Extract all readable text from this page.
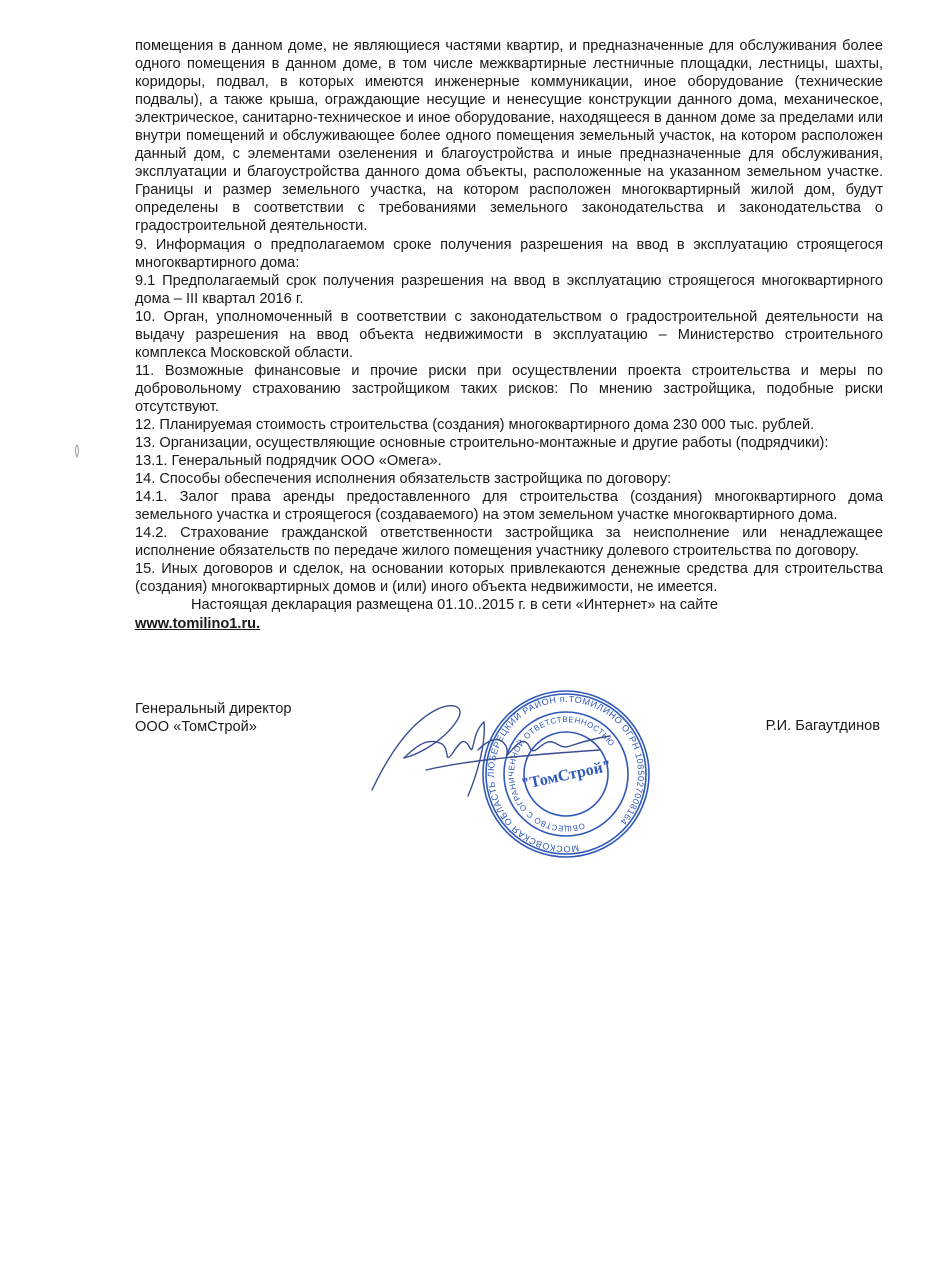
помещения в данном доме, не являющиеся частями квартир, и предназначенные для обслуживания более одного помещения в данном доме, в том числе межквартирные лестничные площадки, лестницы, шахты, коридоры, подвал, в которых имеются инженерные коммуникации, иное оборудование (технические подвалы), а также крыша, ограждающие несущие и ненесущие конструкции данного дома, механическое, электрическое, санитарно-техническое и иное оборудование, находящееся в данном доме за пределами или внутри помещений и обслуживающее более одного помещения земельный участок, на котором расположен данный дом, с элементами озеленения и благоустройства и иные предназначенные для обслуживания, эксплуатации и благоустройства данного дома объекты, расположенные на указанном земельном участке. Границы и размер земельного участка, на котором расположен многоквартирный жилой дом, будут определены в соответствии с требованиями земельного законодательства и законодательства о градостроительной деятельности.

9. Информация о предполагаемом сроке получения разрешения на ввод в эксплуатацию строящегося многоквартирного дома:

9.1 Предполагаемый срок получения разрешения на ввод в эксплуатацию строящегося многоквартирного дома – III квартал 2016 г.

10. Орган, уполномоченный в соответствии с законодательством о градостроительной деятельности на выдачу разрешения на ввод объекта недвижимости в эксплуатацию – Министерство строительного комплекса Московской области.

11. Возможные финансовые и прочие риски при осуществлении проекта строительства и меры по добровольному страхованию застройщиком таких рисков: По мнению застройщика, подобные риски отсутствуют.

12. Планируемая стоимость строительства (создания) многоквартирного дома 230 000 тыс. рублей.

13. Организации, осуществляющие основные строительно-монтажные и другие работы (подрядчики):

13.1. Генеральный подрядчик ООО «Омега».

14. Способы обеспечения исполнения обязательств застройщика по договору:

14.1. Залог права аренды предоставленного для строительства (создания) многоквартирного дома земельного участка и строящегося (создаваемого) на этом земельном участке многоквартирного дома.

14.2. Страхование гражданской ответственности застройщика за неисполнение или ненадлежащее исполнение обязательств по передаче жилого помещения участнику долевого строительства по договору.

15. Иных договоров и сделок, на основании которых привлекаются денежные средства для строительства (создания) многоквартирных домов и (или) иного объекта недвижимости, не имеется.

Настоящая декларация размещена 01.10..2015 г. в сети «Интернет» на сайте
www.tomilino1.ru.

Генеральный директор
ООО «ТомСтрой»	Р.И. Багаутдинов
МОСКОВСКАЯ ОБЛАСТЬ ЛЮБЕРЕЦКИЙ РАЙОН п.ТОМИЛИНО ОГРН 1085027008164
ОБЩЕСТВО С ОГРАНИЧЕННОЙ ОТВЕТСТВЕННОСТЬЮ
"ТомСтрой"
